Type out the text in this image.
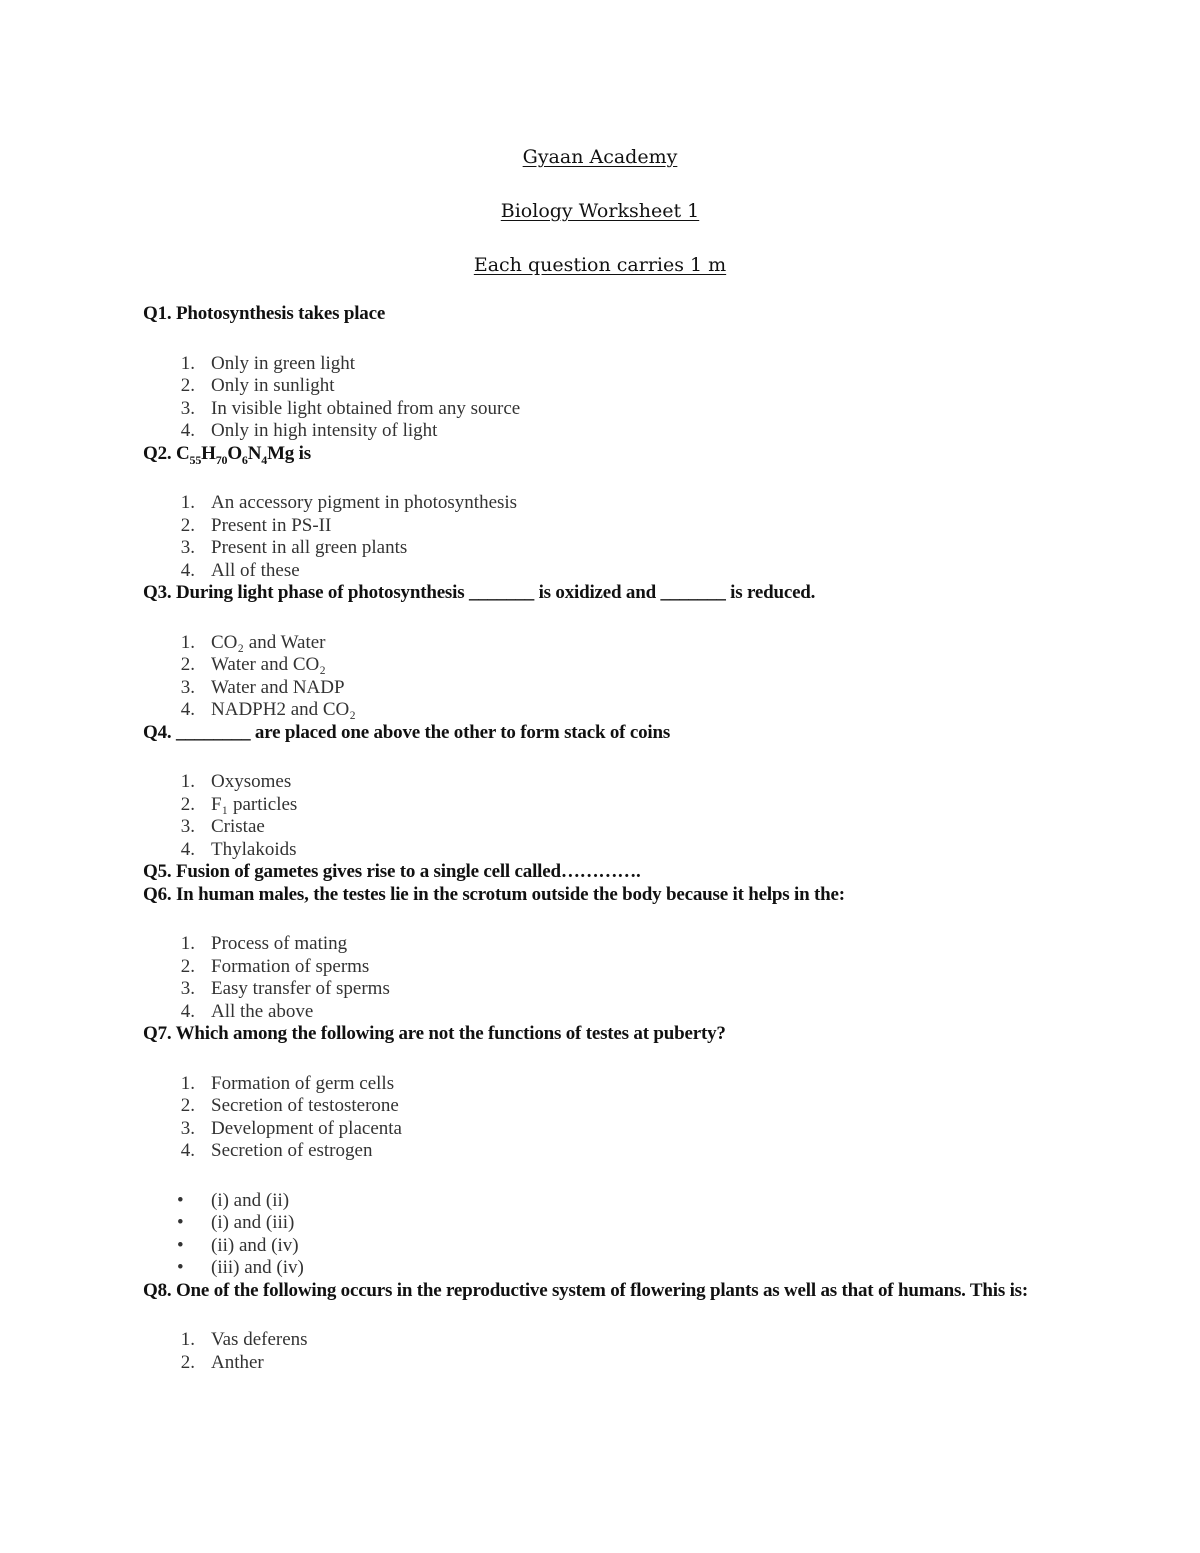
Gyaan Academy
Biology Worksheet 1
Each question carries 1 m

Q1. Photosynthesis takes place

1. Only in green light
2. Only in sunlight
3. In visible light obtained from any source
4. Only in high intensity of light

Q2. $C_{55}H_{70}O_6N_4Mg$ is

1. An accessory pigment in photosynthesis
2. Present in PS-II
3. Present in all green plants
4. All of these

Q3. During light phase of photosynthesis _______ is oxidized and _______ is reduced.

1. CO₂ and Water
2. Water and CO₂
3. Water and NADP
4. NADPH2 and CO₂

Q4. ________ are placed one above the other to form stack of coins

1. Oxysomes
2. F₁ particles
3. Cristae
4. Thylakoids

Q5. Fusion of gametes gives rise to a single cell called………….

Q6. In human males, the testes lie in the scrotum outside the body because it helps in the:

1. Process of mating
2. Formation of sperms
3. Easy transfer of sperms
4. All the above

Q7. Which among the following are not the functions of testes at puberty?

1. Formation of germ cells
2. Secretion of testosterone
3. Development of placenta
4. Secretion of estrogen
• (i) and (ii)
• (i) and (iii)
• (ii) and (iv)
• (iii) and (iv)

Q8. One of the following occurs in the reproductive system of flowering plants as well as that of humans. This is:

1. Vas deferens
2. Anther
